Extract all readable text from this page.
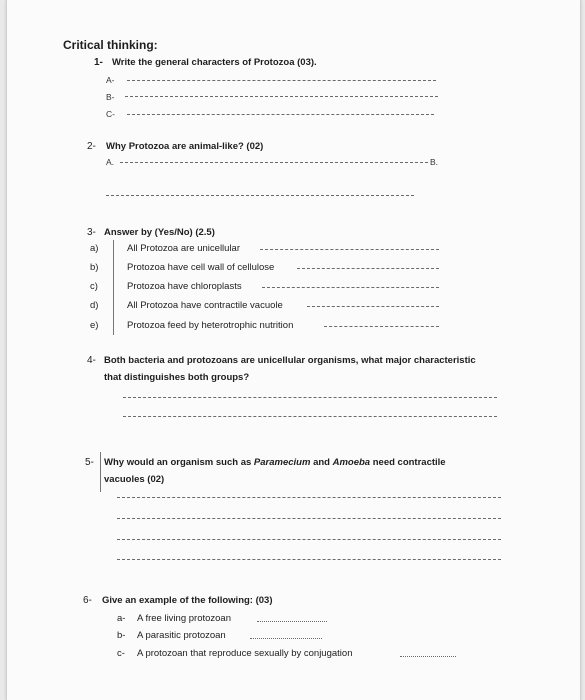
Critical thinking:
1- Write the general characters of Protozoa (03).
A-
B-
C-
2- Why Protozoa are animal-like? (02)
A.	B.
3- Answer by (Yes/No) (2.5)
a)	All Protozoa are unicellular
b)	Protozoa have cell wall of cellulose
c)	Protozoa have chloroplasts
d)	All Protozoa have contractile vacuole
e)	Protozoa feed by heterotrophic nutrition
4- Both bacteria and protozoans are unicellular organisms, what major characteristic
that distinguishes both groups?
5- Why would an organism such as Paramecium and Amoeba need contractile
vacuoles (02)
6- Give an example of the following: (03)
a- A free living protozoan
b- A parasitic protozoan
c- A protozoan that reproduce sexually by conjugation
